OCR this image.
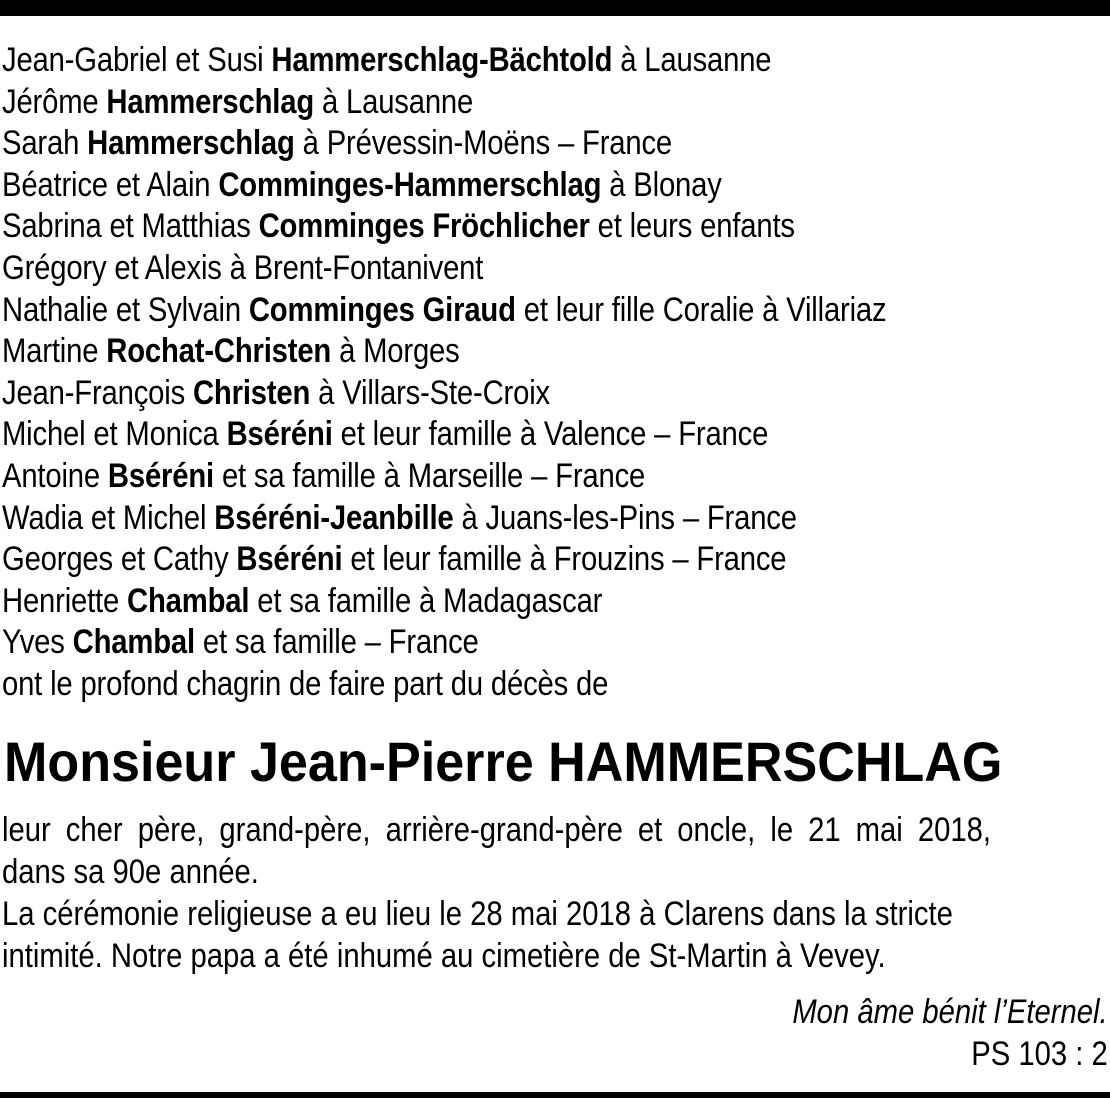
Jean-Gabriel et Susi Hammerschlag-Bächtold à Lausanne
Jérôme Hammerschlag à Lausanne
Sarah Hammerschlag à Prévessin-Moëns – France
Béatrice et Alain Comminges-Hammerschlag à Blonay
Sabrina et Matthias Comminges Fröchlicher et leurs enfants
Grégory et Alexis à Brent-Fontanivent
Nathalie et Sylvain Comminges Giraud et leur fille Coralie à Villariaz
Martine Rochat-Christen à Morges
Jean-François Christen à Villars-Ste-Croix
Michel et Monica Bséréni et leur famille à Valence – France
Antoine Bséréni et sa famille à Marseille – France
Wadia et Michel Bséréni-Jeanbille à Juans-les-Pins – France
Georges et Cathy Bséréni et leur famille à Frouzins – France
Henriette Chambal et sa famille à Madagascar
Yves Chambal et sa famille – France
ont le profond chagrin de faire part du décès de
Monsieur Jean-Pierre HAMMERSCHLAG
leur cher père, grand-père, arrière-grand-père et oncle, le 21 mai 2018, dans sa 90e année.
La cérémonie religieuse a eu lieu le 28 mai 2018 à Clarens dans la stricte intimité. Notre papa a été inhumé au cimetière de St-Martin à Vevey.
Mon âme bénit l’Eternel.
PS 103 : 2
